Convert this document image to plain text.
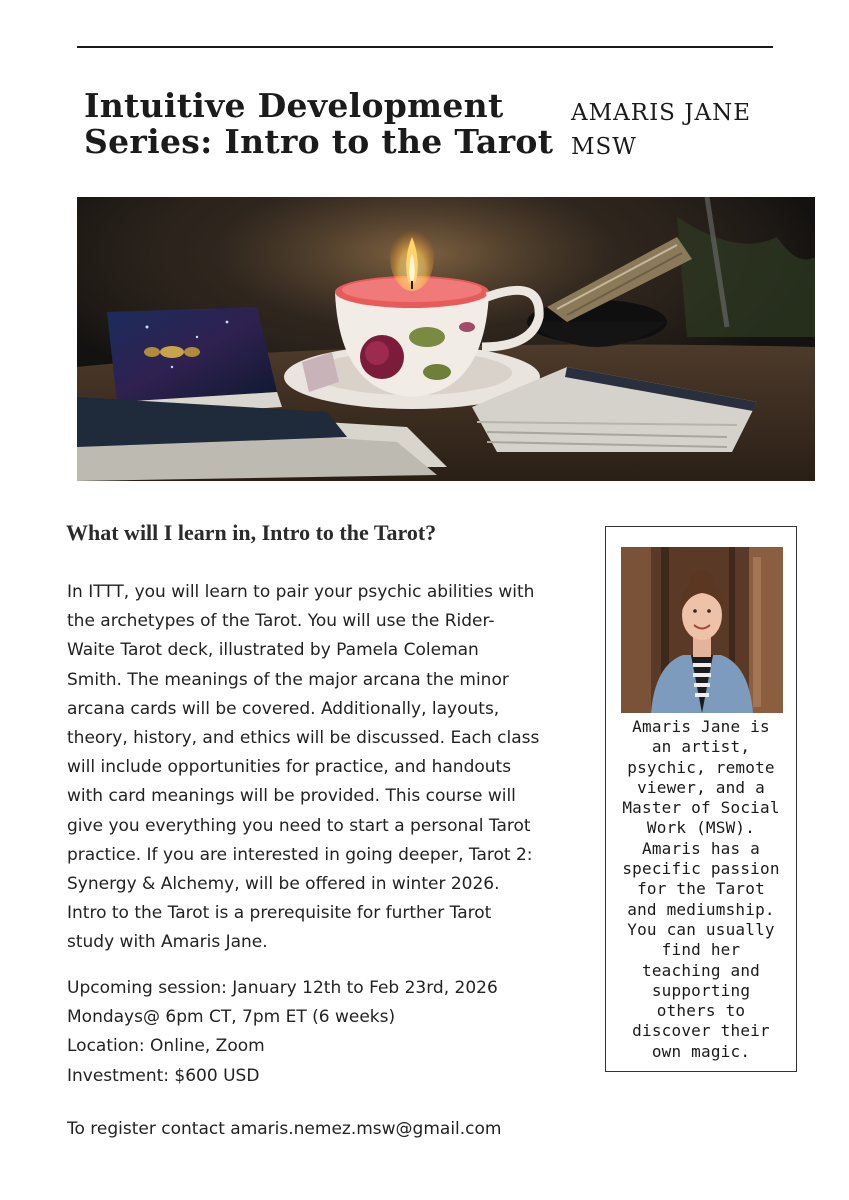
Intuitive Development
Series: Intro to the Tarot
AMARIS JANE
MSW
What will I learn in, Intro to the Tarot?
In ITTT, you will learn to pair your psychic abilities with
the archetypes of the Tarot. You will use the Rider-
Waite Tarot deck, illustrated by Pamela Coleman
Smith. The meanings of the major arcana the minor
arcana cards will be covered. Additionally, layouts,
theory, history, and ethics will be discussed. Each class
will include opportunities for practice, and handouts
with card meanings will be provided. This course will
give you everything you need to start a personal Tarot
practice. If you are interested in going deeper, Tarot 2:
Synergy & Alchemy, will be offered in winter 2026.
Intro to the Tarot is a prerequisite for further Tarot
study with Amaris Jane.
Upcoming session: January 12th to Feb 23rd, 2026
Mondays@ 6pm CT, 7pm ET (6 weeks)
Location: Online, Zoom
Investment: $600 USD
To register contact amaris.nemez.msw@gmail.com
Amaris Jane is
an artist,
psychic, remote
viewer, and a
Master of Social
Work (MSW).
Amaris has a
specific passion
for the Tarot
and mediumship.
You can usually
find her
teaching and
supporting
others to
discover their
own magic.
